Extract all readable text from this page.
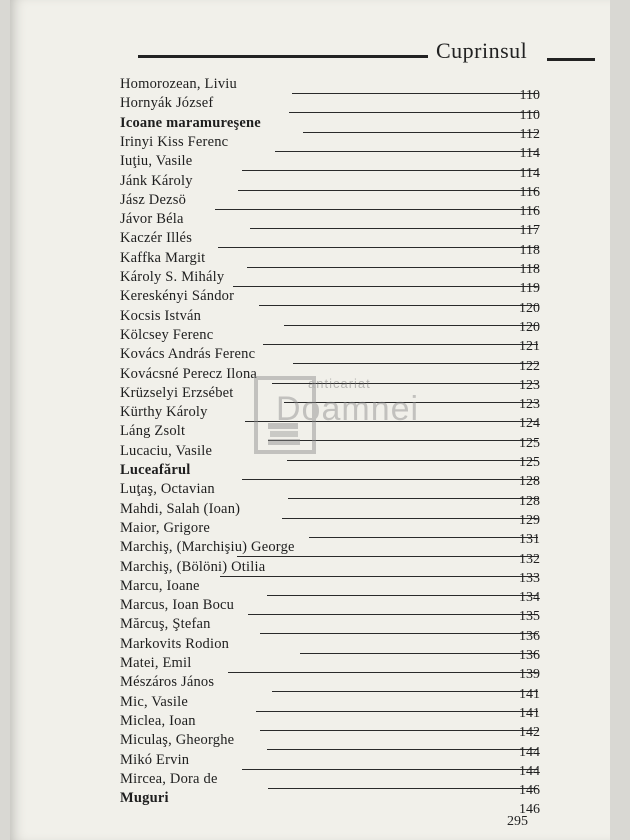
Cuprinsul
Homorozean, Liviu
Hornyák József	110
Icoane maramureşene	110
Irinyi Kiss Ferenc	112
Iuţiu, Vasile	114
Jánk Károly	114
Jász Dezsö	116
Jávor Béla	116
Kaczér Illés	117
Kaffka Margit	118
Károly S. Mihály	118
Kereskényi Sándor	119
Kocsis István	120
Kölcsey Ferenc	120
Kovács András Ferenc	121
Kovácsné Perecz Ilona	122
Krüzselyi Erzsébet	123
Kürthy Károly	123
Láng Zsolt	124
Lucaciu, Vasile	125
Luceafărul	125
Luţaş, Octavian	128
Mahdi, Salah (Ioan)	128
Maior, Grigore	129
Marchiş, (Marchişiu) George	131
Marchiş, (Bölöni) Otilia	132
Marcu, Ioane	133
Marcus, Ioan Bocu	134
Mărcuş, Ştefan	135
Markovits Rodion	136
Matei, Emil	136
Mészáros János	139
Mic, Vasile	141
Miclea, Ioan	141
Miculaş, Gheorghe	142
Mikó Ervin	144
Mircea, Dora de	144
Muguri	146
146
anticariat
Doamnei
295
